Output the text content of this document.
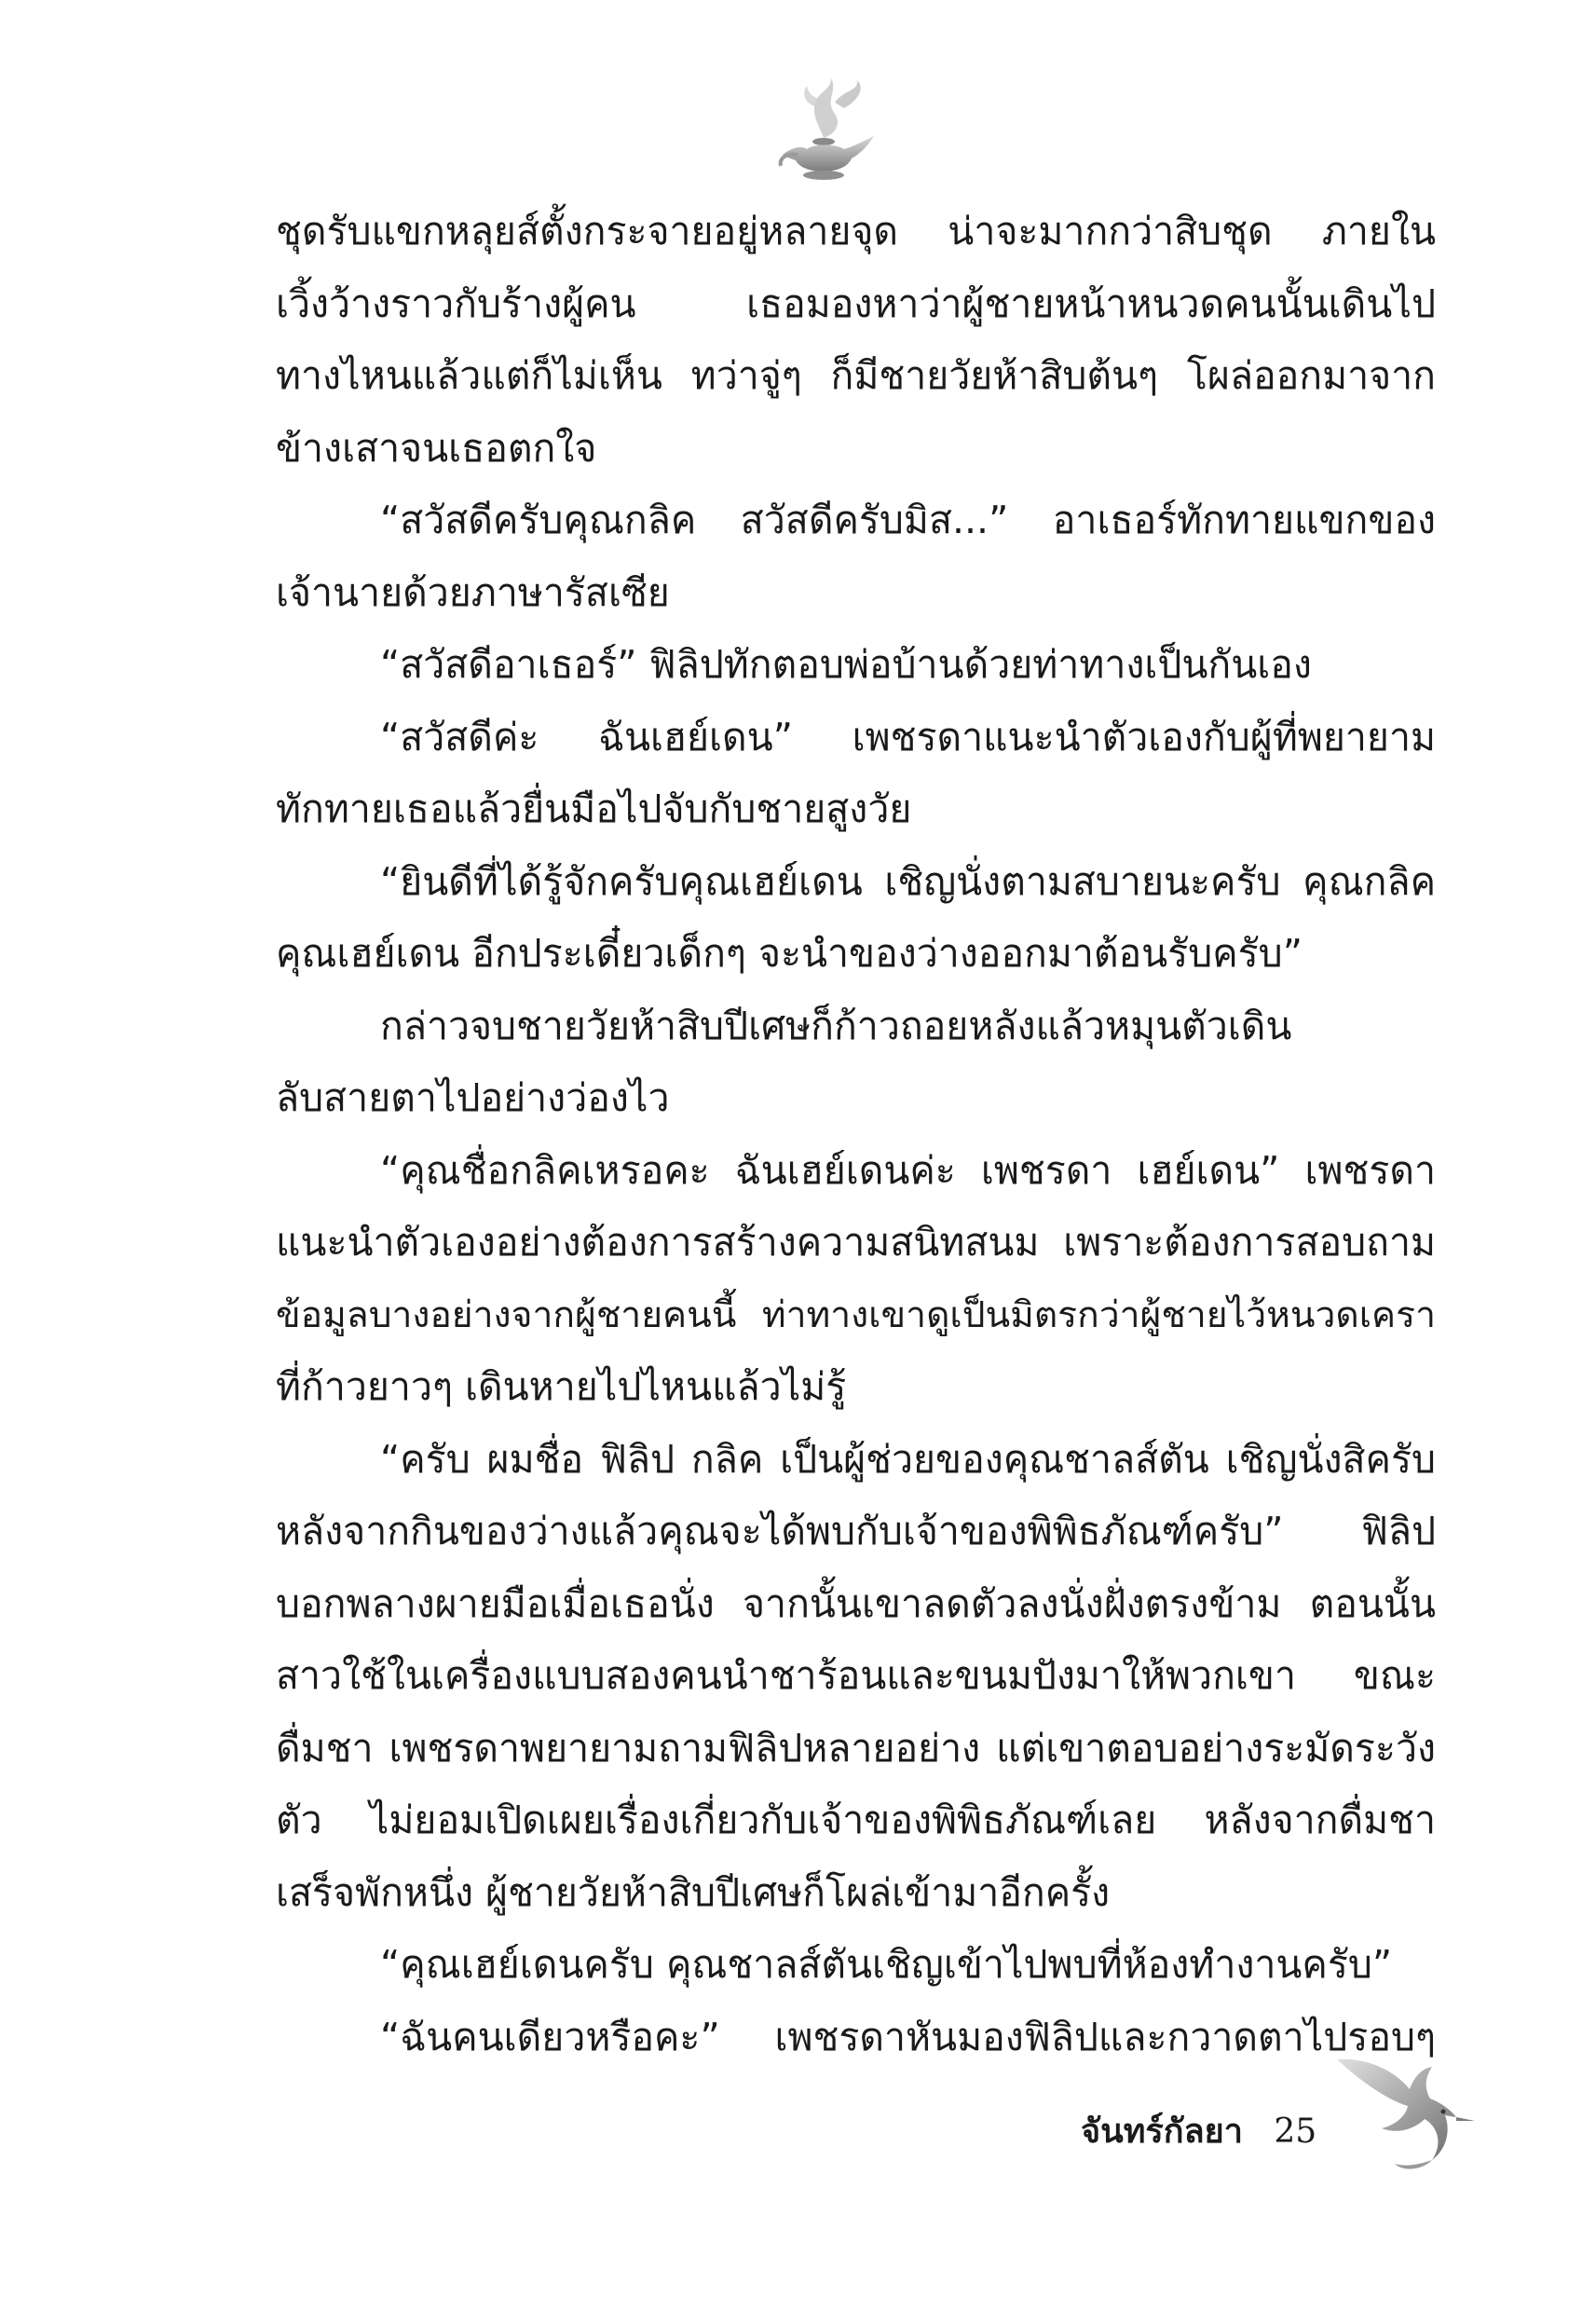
ชุดรับแขกหลุยส์ตั้งกระจายอยู่หลายจุด น่าจะมากกว่าสิบชุด ภายใน
เวิ้งว้างราวกับร้างผู้คน เธอมองหาว่าผู้ชายหน้าหนวดคนนั้นเดินไป
ทางไหนแล้วแต่ก็ไม่เห็น ทว่าจู่ๆ ก็มีชายวัยห้าสิบต้นๆ โผล่ออกมาจาก
ข้างเสาจนเธอตกใจ
“สวัสดีครับคุณกลิค สวัสดีครับมิส...” อาเธอร์ทักทายแขกของ
เจ้านายด้วยภาษารัสเซีย
“สวัสดีอาเธอร์” ฟิลิปทักตอบพ่อบ้านด้วยท่าทางเป็นกันเอง
“สวัสดีค่ะ ฉันเฮย์เดน” เพชรดาแนะนำตัวเองกับผู้ที่พยายาม
ทักทายเธอแล้วยื่นมือไปจับกับชายสูงวัย
“ยินดีที่ได้รู้จักครับคุณเฮย์เดน เชิญนั่งตามสบายนะครับ คุณกลิค
คุณเฮย์เดน อีกประเดี๋ยวเด็กๆ จะนำของว่างออกมาต้อนรับครับ”
กล่าวจบชายวัยห้าสิบปีเศษก็ก้าวถอยหลังแล้วหมุนตัวเดิน
ลับสายตาไปอย่างว่องไว
“คุณชื่อกลิคเหรอคะ ฉันเฮย์เดนค่ะ เพชรดา เฮย์เดน” เพชรดา
แนะนำตัวเองอย่างต้องการสร้างความสนิทสนม เพราะต้องการสอบถาม
ข้อมูลบางอย่างจากผู้ชายคนนี้ ท่าทางเขาดูเป็นมิตรกว่าผู้ชายไว้หนวดเครา
ที่ก้าวยาวๆ เดินหายไปไหนแล้วไม่รู้
“ครับ ผมชื่อ ฟิลิป กลิค เป็นผู้ช่วยของคุณชาลส์ตัน เชิญนั่งสิครับ
หลังจากกินของว่างแล้วคุณจะได้พบกับเจ้าของพิพิธภัณฑ์ครับ” ฟิลิป
บอกพลางผายมือเมื่อเธอนั่ง จากนั้นเขาลดตัวลงนั่งฝั่งตรงข้าม ตอนนั้น
สาวใช้ในเครื่องแบบสองคนนำชาร้อนและขนมปังมาให้พวกเขา ขณะ
ดื่มชา เพชรดาพยายามถามฟิลิปหลายอย่าง แต่เขาตอบอย่างระมัดระวัง
ตัว ไม่ยอมเปิดเผยเรื่องเกี่ยวกับเจ้าของพิพิธภัณฑ์เลย หลังจากดื่มชา
เสร็จพักหนึ่ง ผู้ชายวัยห้าสิบปีเศษก็โผล่เข้ามาอีกครั้ง
“คุณเฮย์เดนครับ คุณชาลส์ตันเชิญเข้าไปพบที่ห้องทำงานครับ”
“ฉันคนเดียวหรือคะ” เพชรดาหันมองฟิลิปและกวาดตาไปรอบๆ
จันทร์กัลยา 25
